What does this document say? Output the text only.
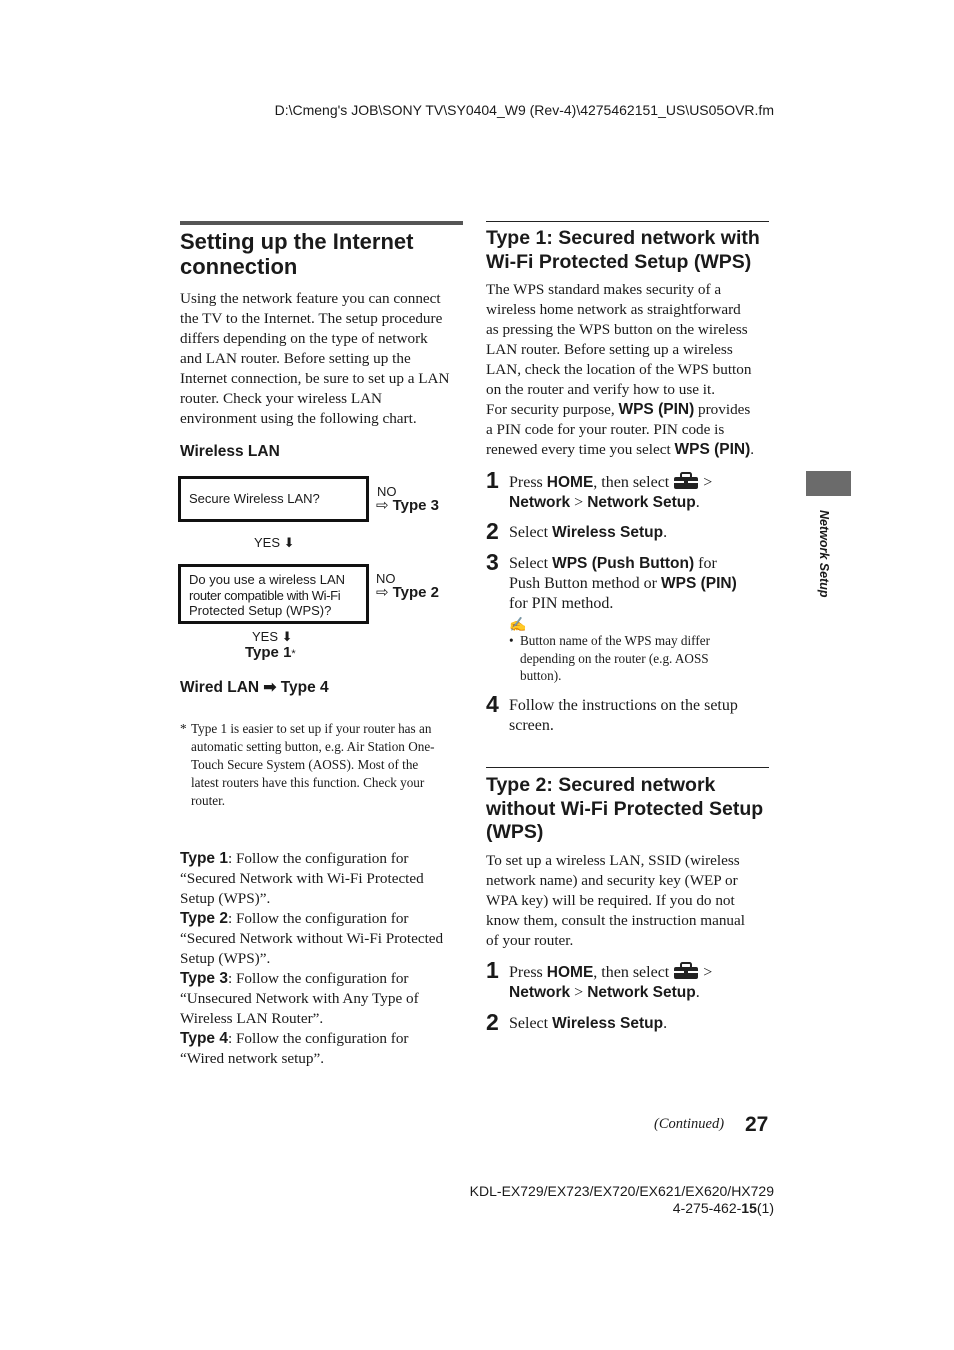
D:\Cmeng's JOB\SONY TV\SY0404_W9 (Rev-4)\4275462151_US\US05OVR.fm
Setting up the Internet
connection
Using the network feature you can connect
the TV to the Internet. The setup procedure
differs depending on the type of network
and LAN router. Before setting up the
Internet connection, be sure to set up a LAN
router. Check your wireless LAN
environment using the following chart.
Wireless LAN
Secure Wireless LAN?	NO
⇨ Type 3
YES ⬇
Do you use a wireless LAN
router compatible with Wi-Fi
Protected Setup (WPS)?
NO
⇨ Type 2
YES ⬇
Type 1*
Wired LAN ➡ Type 4
* Type 1 is easier to set up if your router has an
automatic setting button, e.g. Air Station One-
Touch Secure System (AOSS). Most of the
latest routers have this function. Check your
router.
Type 1: Follow the configuration for
“Secured Network with Wi-Fi Protected
Setup (WPS)”.
Type 2: Follow the configuration for
“Secured Network without Wi-Fi Protected
Setup (WPS)”.
Type 3: Follow the configuration for
“Unsecured Network with Any Type of
Wireless LAN Router”.
Type 4: Follow the configuration for
“Wired network setup”.
Type 1: Secured network with
Wi-Fi Protected Setup (WPS)
The WPS standard makes security of a
wireless home network as straightforward
as pressing the WPS button on the wireless
LAN router. Before setting up a wireless
LAN, check the location of the WPS button
on the router and verify how to use it.
For security purpose, WPS (PIN) provides
a PIN code for your router. PIN code is
renewed every time you select WPS (PIN).
1 Press HOME, then select  >
Network > Network Setup.
2 Select Wireless Setup.
3 Select WPS (Push Button) for
Push Button method or WPS (PIN)
for PIN method.
✍
• Button name of the WPS may differ
depending on the router (e.g. AOSS
button).
4 Follow the instructions on the setup
screen.
Type 2: Secured network
without Wi-Fi Protected Setup
(WPS)
To set up a wireless LAN, SSID (wireless
network name) and security key (WEP or
WPA key) will be required. If you do not
know them, consult the instruction manual
of your router.
1 Press HOME, then select  >
Network > Network Setup.
2 Select Wireless Setup.
Network Setup
(Continued) 27
KDL-EX729/EX723/EX720/EX621/EX620/HX729
4-275-462-15(1)
